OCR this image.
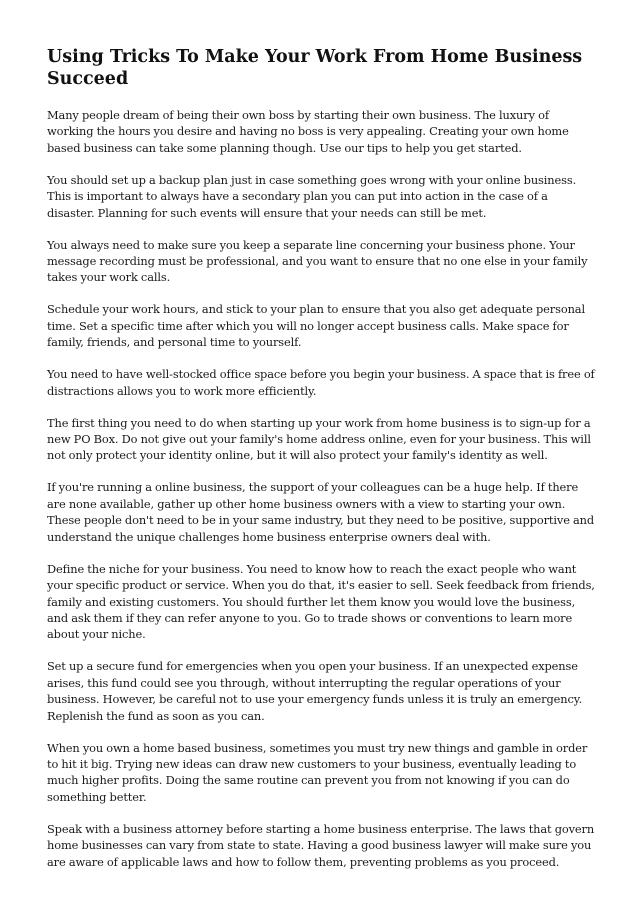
Using Tricks To Make Your Work From Home Business Succeed

Many people dream of being their own boss by starting their own business. The luxury of working the hours you desire and having no boss is very appealing. Creating your own home based business can take some planning though. Use our tips to help you get started.

You should set up a backup plan just in case something goes wrong with your online business. This is important to always have a secondary plan you can put into action in the case of a disaster. Planning for such events will ensure that your needs can still be met.

You always need to make sure you keep a separate line concerning your business phone. Your message recording must be professional, and you want to ensure that no one else in your family takes your work calls.

Schedule your work hours, and stick to your plan to ensure that you also get adequate personal time. Set a specific time after which you will no longer accept business calls. Make space for family, friends, and personal time to yourself.

You need to have well-stocked office space before you begin your business. A space that is free of distractions allows you to work more efficiently.

The first thing you need to do when starting up your work from home business is to sign-up for a new PO Box. Do not give out your family's home address online, even for your business. This will not only protect your identity online, but it will also protect your family's identity as well.

If you're running a online business, the support of your colleagues can be a huge help. If there are none available, gather up other home business owners with a view to starting your own. These people don't need to be in your same industry, but they need to be positive, supportive and understand the unique challenges home business enterprise owners deal with.

Define the niche for your business. You need to know how to reach the exact people who want your specific product or service. When you do that, it's easier to sell. Seek feedback from friends, family and existing customers. You should further let them know you would love the business, and ask them if they can refer anyone to you. Go to trade shows or conventions to learn more about your niche.

Set up a secure fund for emergencies when you open your business. If an unexpected expense arises, this fund could see you through, without interrupting the regular operations of your business. However, be careful not to use your emergency funds unless it is truly an emergency. Replenish the fund as soon as you can.

When you own a home based business, sometimes you must try new things and gamble in order to hit it big. Trying new ideas can draw new customers to your business, eventually leading to much higher profits. Doing the same routine can prevent you from not knowing if you can do something better.

Speak with a business attorney before starting a home business enterprise. The laws that govern home businesses can vary from state to state. Having a good business lawyer will make sure you are aware of applicable laws and how to follow them, preventing problems as you proceed.
